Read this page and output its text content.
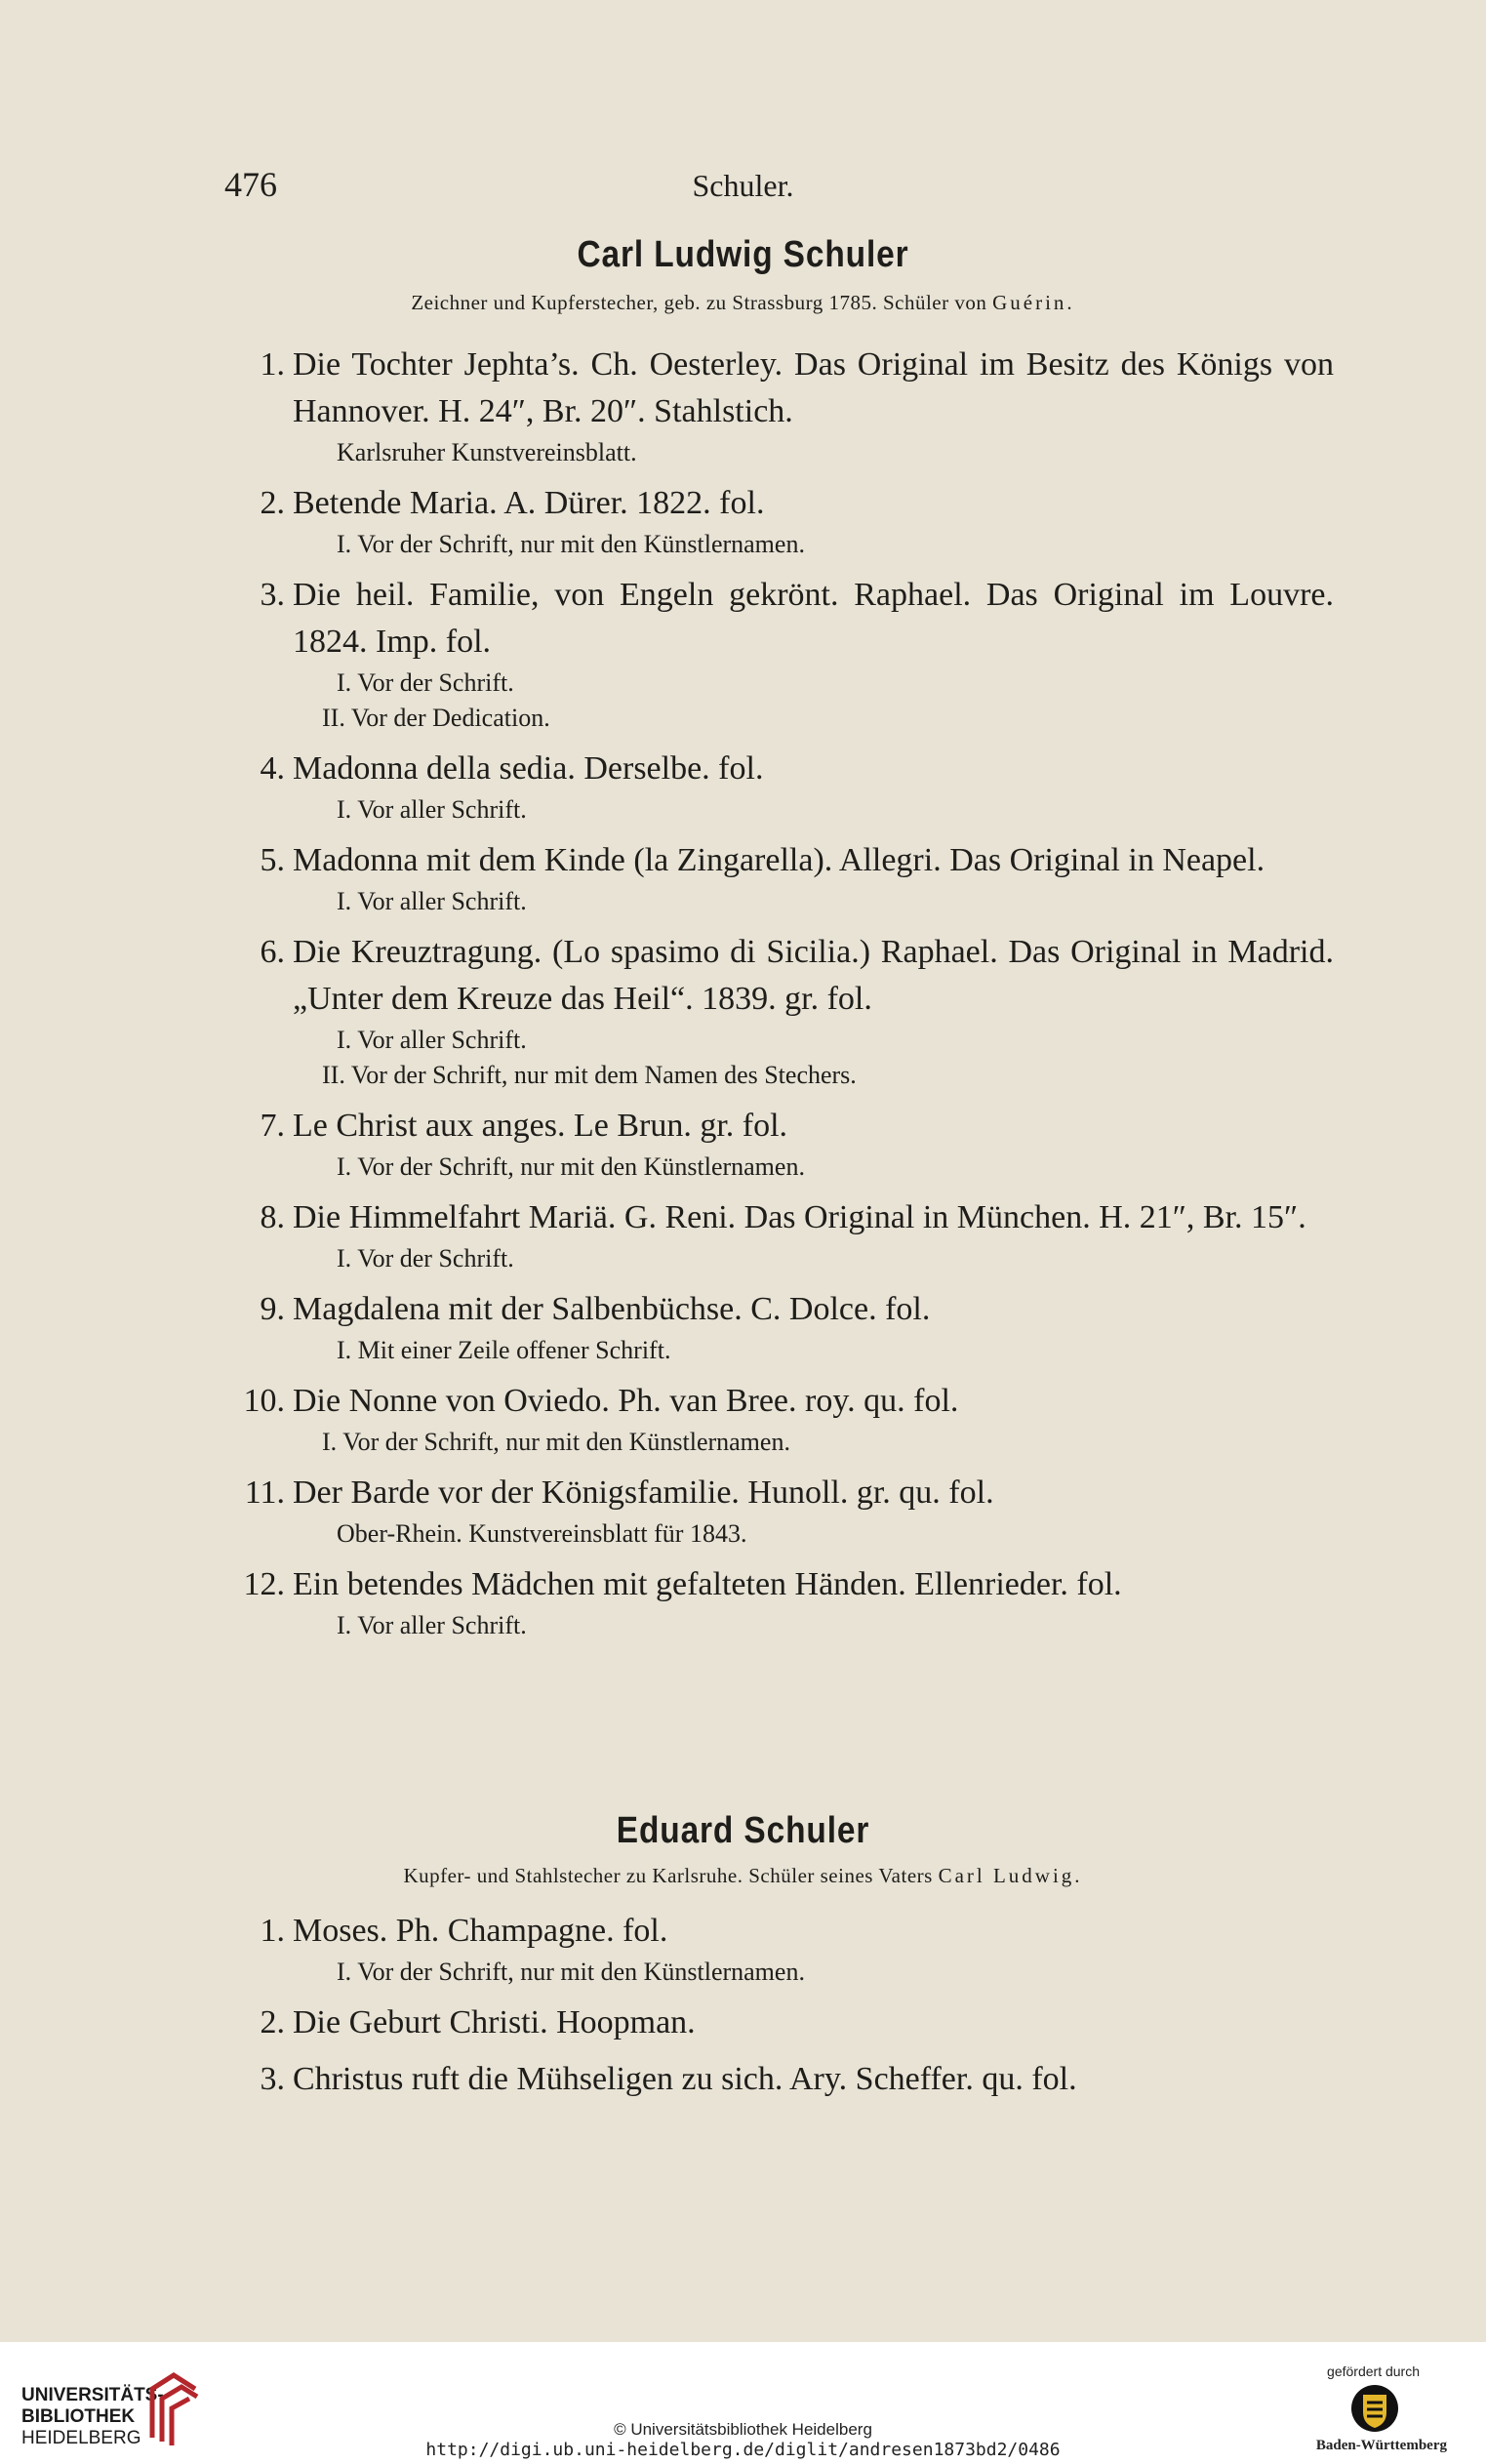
476	Schuler.
Carl Ludwig Schuler
Zeichner und Kupferstecher, geb. zu Strassburg 1785. Schüler von Guérin.
1. Die Tochter Jephta’s. Ch. Oesterley. Das Original im Besitz des Königs von Hannover. H. 24″, Br. 20″. Stahlstich.
Karlsruher Kunstvereinsblatt.
2. Betende Maria. A. Dürer. 1822. fol.
I. Vor der Schrift, nur mit den Künstlernamen.
3. Die heil. Familie, von Engeln gekrönt. Raphael. Das Original im Louvre. 1824. Imp. fol.
I. Vor der Schrift.
II. Vor der Dedication.
4. Madonna della sedia. Derselbe. fol.
I. Vor aller Schrift.
5. Madonna mit dem Kinde (la Zingarella). Allegri. Das Original in Neapel.
I. Vor aller Schrift.
6. Die Kreuztragung. (Lo spasimo di Sicilia.) Raphael. Das Original in Madrid. „Unter dem Kreuze das Heil“. 1839. gr. fol.
I. Vor aller Schrift.
II. Vor der Schrift, nur mit dem Namen des Stechers.
7. Le Christ aux anges. Le Brun. gr. fol.
I. Vor der Schrift, nur mit den Künstlernamen.
8. Die Himmelfahrt Mariä. G. Reni. Das Original in München. H. 21″, Br. 15″.
I. Vor der Schrift.
9. Magdalena mit der Salbenbüchse. C. Dolce. fol.
I. Mit einer Zeile offener Schrift.
10. Die Nonne von Oviedo. Ph. van Bree. roy. qu. fol.
I. Vor der Schrift, nur mit den Künstlernamen.
11. Der Barde vor der Königsfamilie. Hunoll. gr. qu. fol.
Ober-Rhein. Kunstvereinsblatt für 1843.
12. Ein betendes Mädchen mit gefalteten Händen. Ellenrieder. fol.
I. Vor aller Schrift.
Eduard Schuler
Kupfer- und Stahlstecher zu Karlsruhe. Schüler seines Vaters Carl Ludwig.
1. Moses. Ph. Champagne. fol.
I. Vor der Schrift, nur mit den Künstlernamen.
2. Die Geburt Christi. Hoopman.
3. Christus ruft die Mühseligen zu sich. Ary. Scheffer. qu. fol.
UNIVERSITÄTS-
BIBLIOTHEK
HEIDELBERG	© Universitätsbibliothek Heidelberg
http://digi.ub.uni-heidelberg.de/diglit/andresen1873bd2/0486
gefördert durch
Baden-Württemberg
